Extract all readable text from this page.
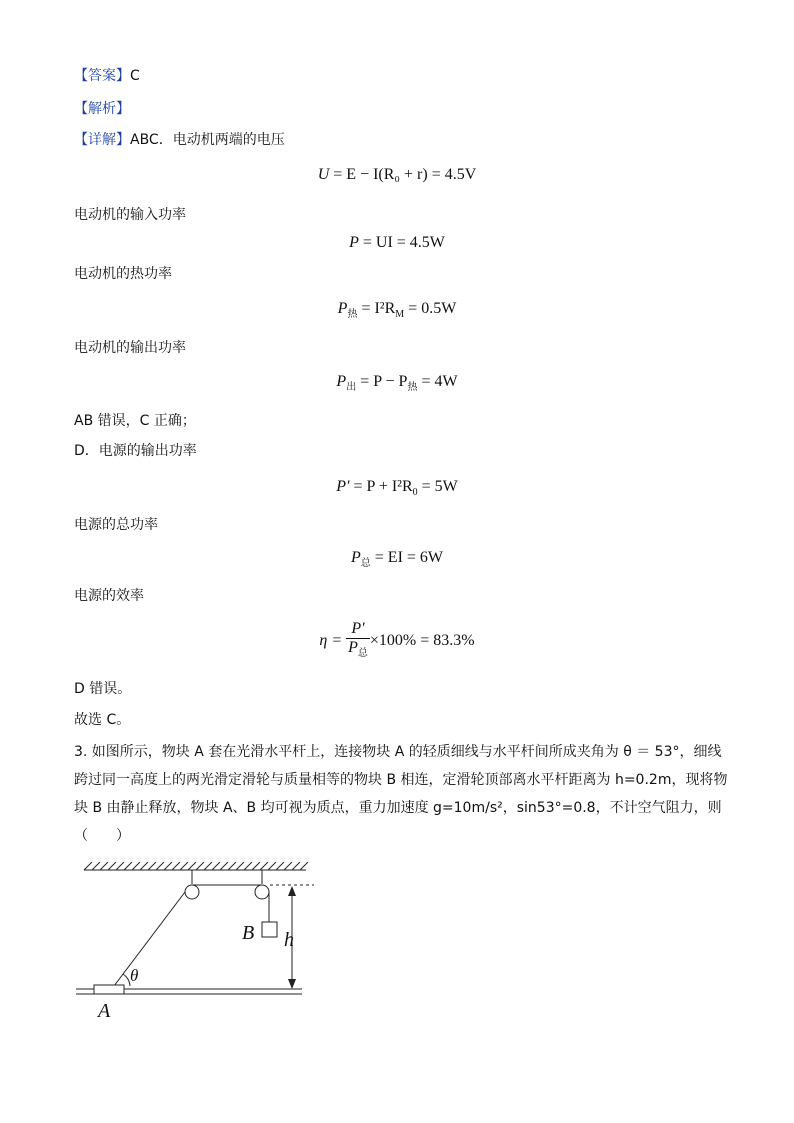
【答案】C
【解析】
【详解】ABC．电动机两端的电压
U = E − I(R₀ + r) = 4.5V
电动机的输入功率
P = UI = 4.5W
电动机的热功率
$P_热 = I^2R_M = 0.5W$
电动机的输出功率
$P_出 = P - P_热 = 4W$
AB 错误，C 正确；
D．电源的输出功率
$P' = P + I^2R_0 = 5W$
电源的总功率
$P_总$ = EI = 6W
电源的效率
$\eta = \frac{P'}{P_总} \times 100\% = 83.3\%$
D 错误。
故选 C。
3. 如图所示，物块 A 套在光滑水平杆上，连接物块 A 的轻质细线与水平杆间所成夹角为 θ ＝ 53°，细线
跨过同一高度上的两光滑定滑轮与质量相等的物块 B 相连，定滑轮顶部离水平杆距离为 h=0.2m，现将物
块 B 由静止释放，物块 A、B 均可视为质点，重力加速度 g=10m/s²，sin53°=0.8，不计空气阻力，则
（　　）
B h
A
θ
